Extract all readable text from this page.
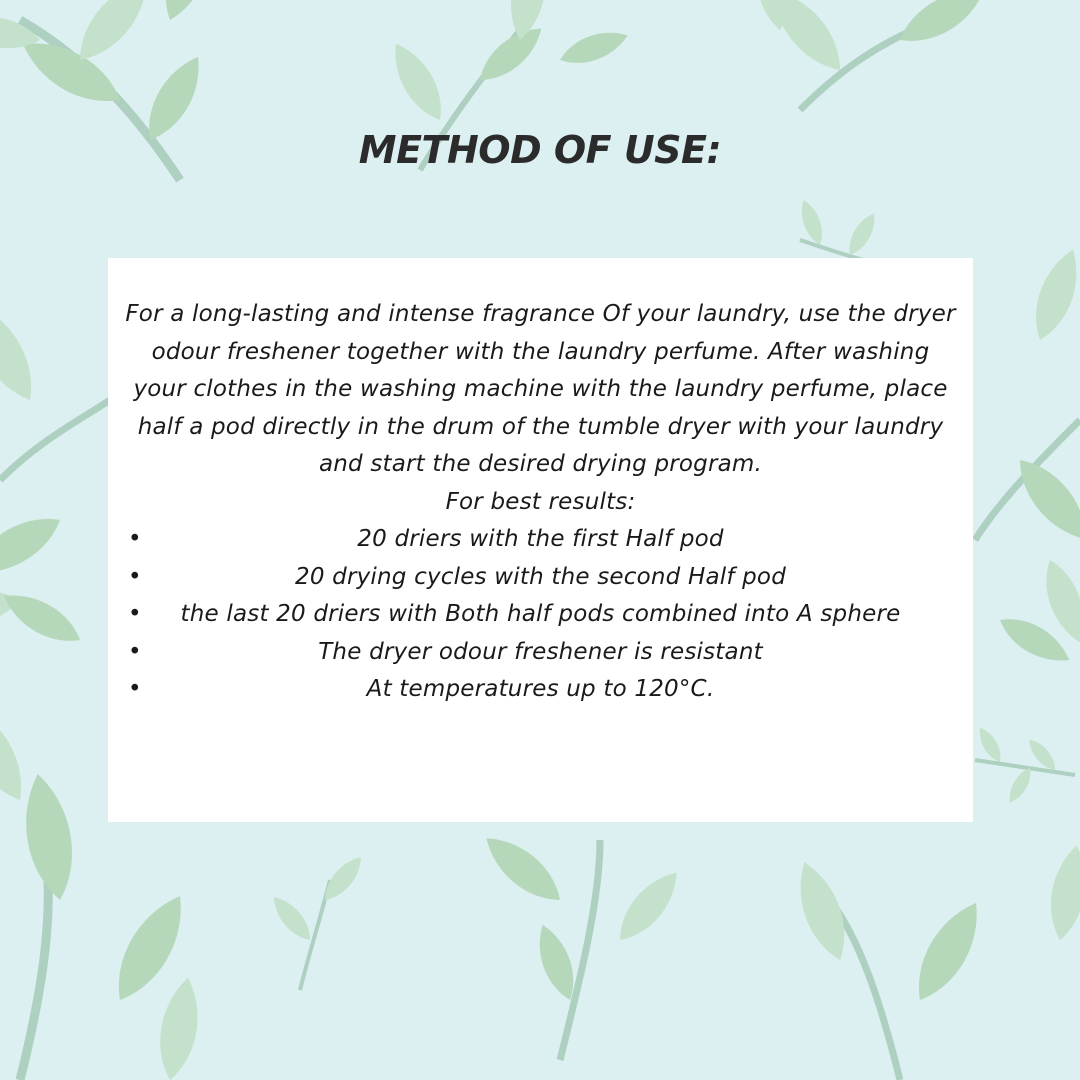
METHOD OF USE:

For a long-lasting and intense fragrance Of your laundry, use the dryer odour freshener together with the laundry perfume. After washing your clothes in the washing machine with the laundry perfume, place half a pod directly in the drum of the tumble dryer with your laundry and start the desired drying program.

For best results:

•	20 driers with the first Half pod
•	20 drying cycles with the second Half pod
• the last 20 driers with Both half pods combined into A sphere
•	The dryer odour freshener is resistant
•	At temperatures up to 120°C.
